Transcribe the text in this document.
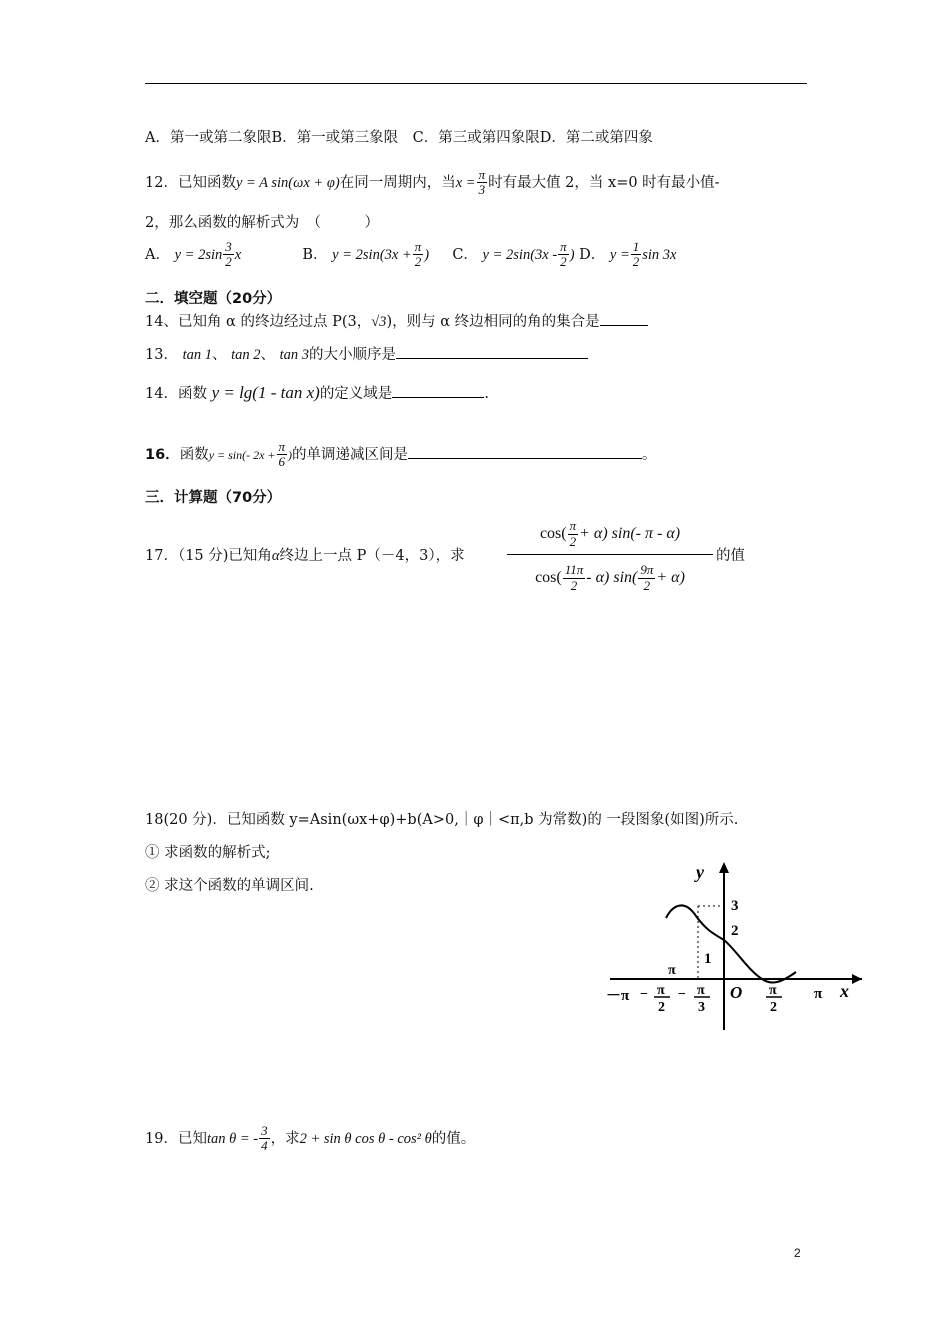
A．第一或第二象限B．第一或第三象限　C．第三或第四象限D．第二或第四象
12．已知函数y = A sin(ωx + φ)在同一周期内，当$x = \frac{\pi}{3}$ 时有最大值 2，当 x=0 时有最小值-
2，那么函数的解析式为　（　　　）
A． $y = 2\sin \frac{3}{2}$ x	B． $y = 2\sin(3x + \frac{\pi}{2}$ ) C． $y = 2\sin(3x - \frac{\pi}{2}$ ) D． $y = \frac{1}{2}$ sin 3x
二．填空题（20分）
14、已知角 α 的终边经过点 P(3，√3)，则与 α 终边相同的角的集合是
13． tan 1、 tan 2、 tan 3的大小顺序是
14．函数 y = lg(1 - tan x)的定义域是	.
16．函数y = sin(- $2x + \frac{\pi}{6}$ )的单调递减区间是	。
三．计算题（70分）
17．（15 分)已知角α终边上一点 P（－4，3），求	$\frac{\cos( \frac{\pi}{2} + \alpha) \sin(- \pi - \alpha)}{\cos( \frac{11\pi}{2} - \alpha) \sin( \frac{9\pi}{2} + \alpha)}$ 的值
18(20 分)．已知函数 y=Asin(ωx+φ)+b(A>0,｜φ｜<π,b 为常数)的 一段图象(如图)所示.
① 求函数的解析式;
② 求这个函数的单调区间.
y
x
O
3
2
1
π
－π − π
2
− π
3
π
2
π
19．已知tan θ = - $\frac{3}{4}$ ，求2 + sin θ cos θ - cos² θ的值。
2
